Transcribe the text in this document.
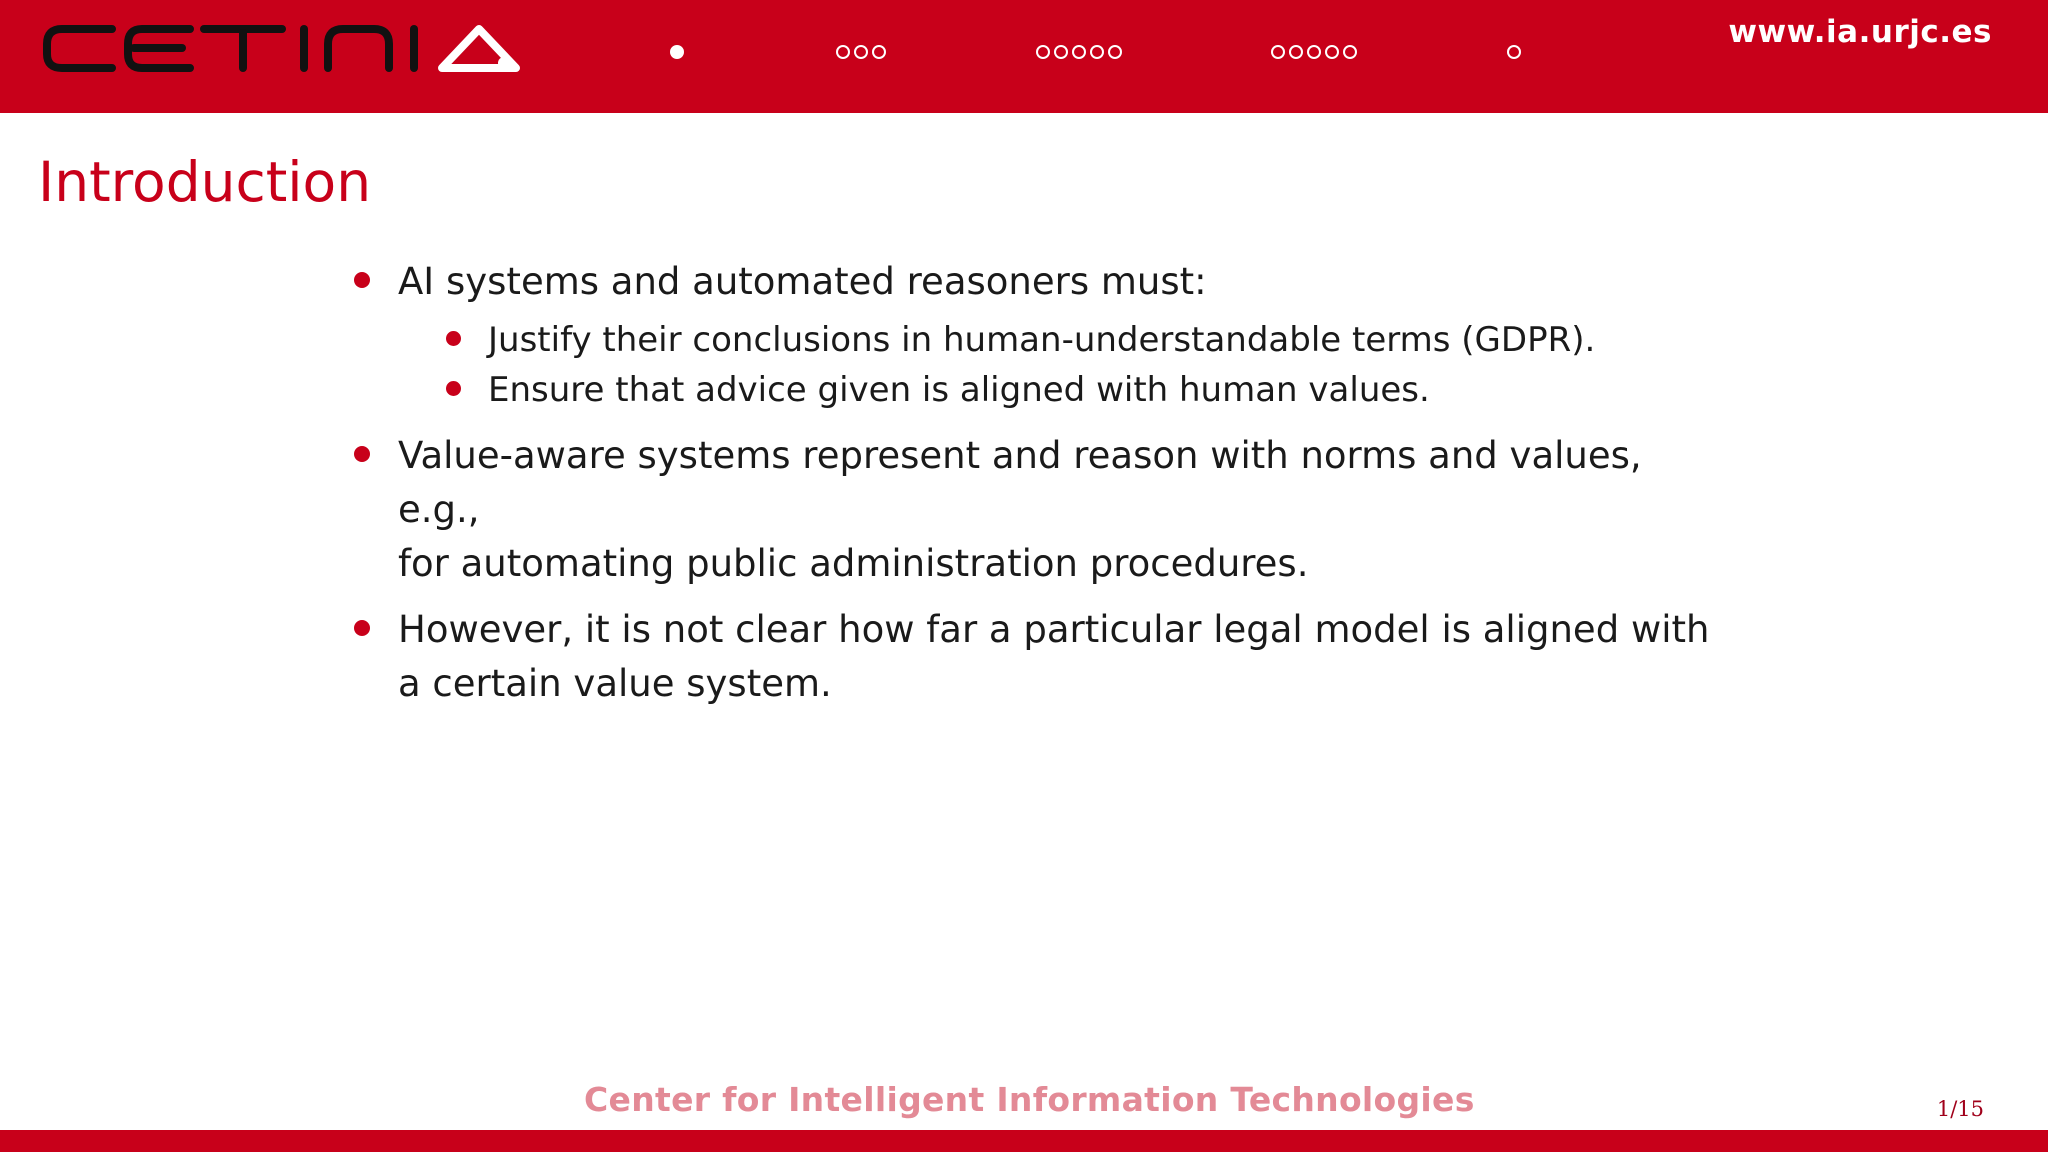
www.ia.urjc.es
Introduction
AI systems and automated reasoners must:
Justify their conclusions in human-understandable terms (GDPR).
Ensure that advice given is aligned with human values.
Value-aware systems represent and reason with norms and values, e.g.,
for automating public administration procedures.
However, it is not clear how far a particular legal model is aligned with
a certain value system.
Center for Intelligent Information Technologies	1/15
